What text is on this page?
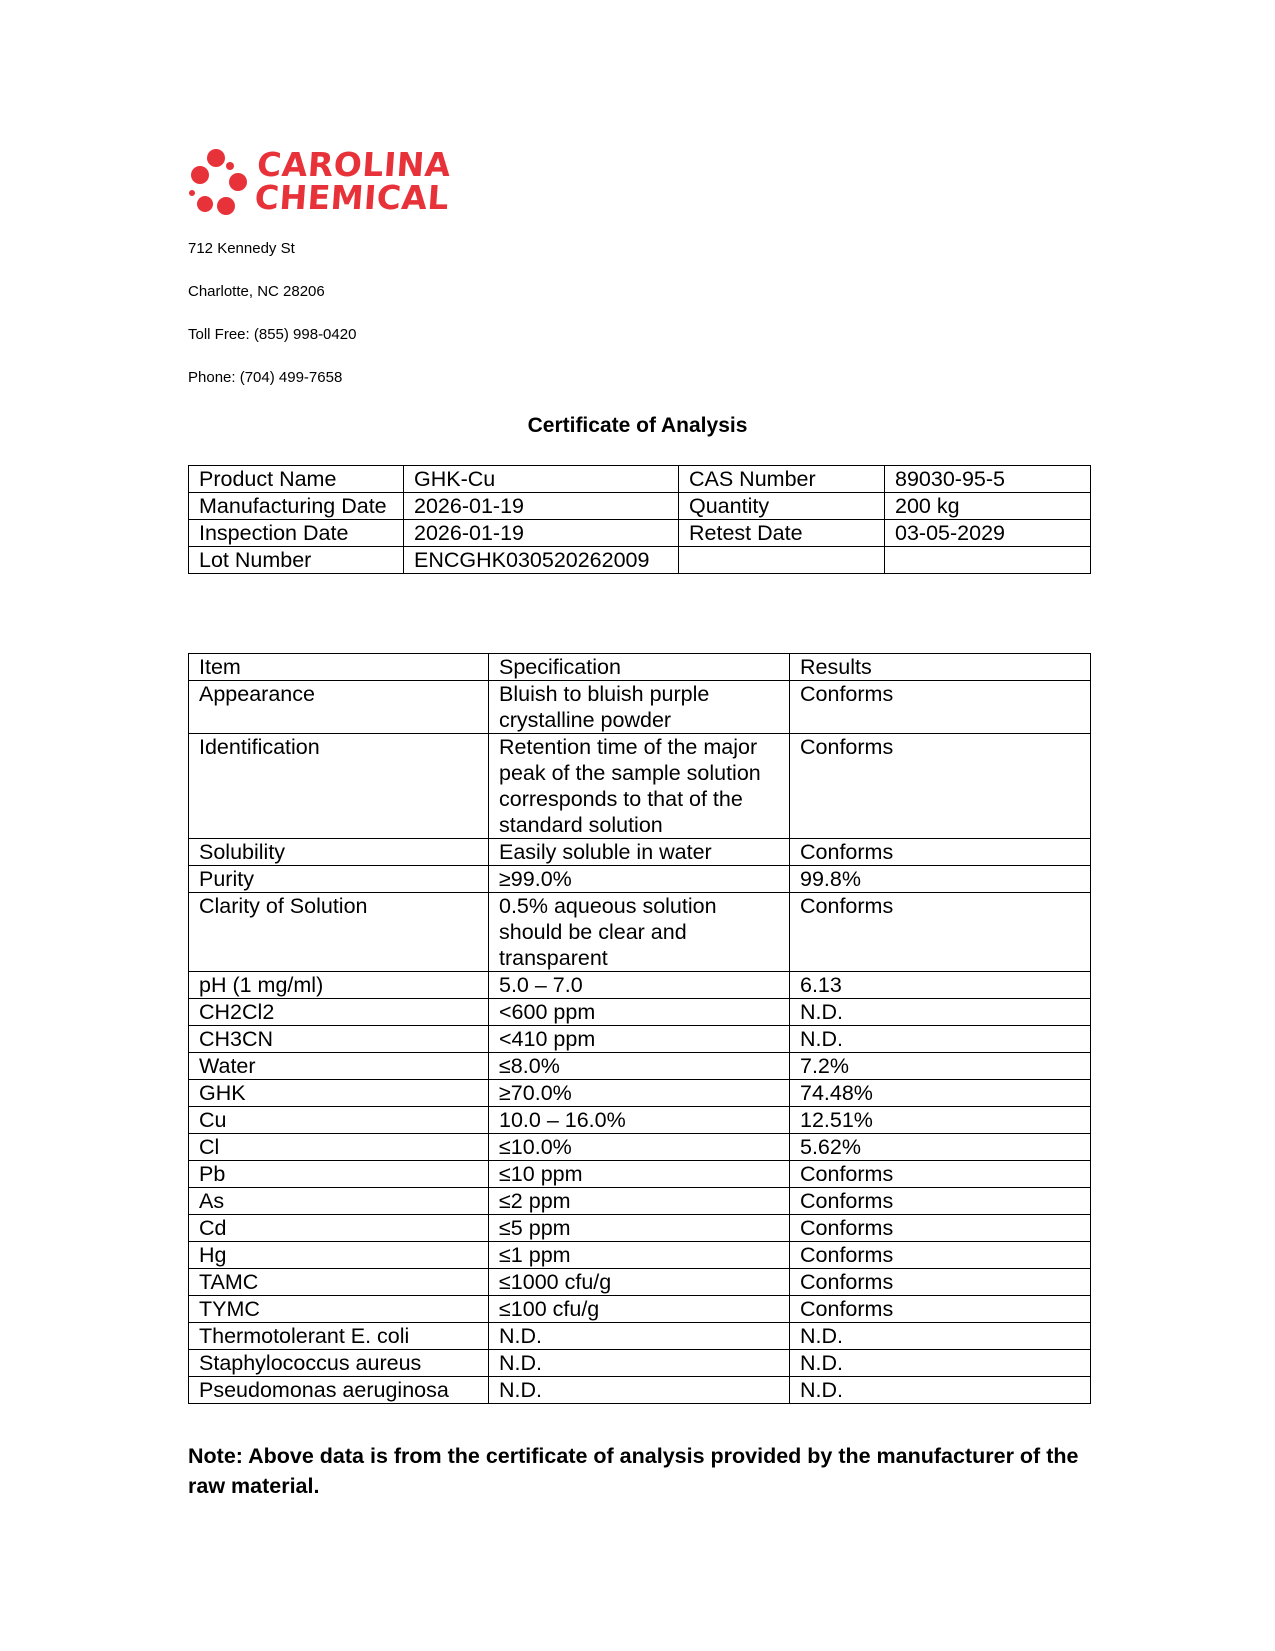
CAROLINA
CHEMICAL
712 Kennedy St
Charlotte, NC 28206
Toll Free: (855) 998-0420
Phone: (704) 499-7658
Certificate of Analysis
Product Name	GHK-Cu	CAS Number	89030-95-5
Manufacturing Date	2026-01-19	Quantity	200 kg
Inspection Date	2026-01-19	Retest Date	03-05-2029
Lot Number	ENCGHK030520262009		
Item	Specification	Results
Appearance	Bluish to bluish purple crystalline powder	Conforms
Identification	Retention time of the major peak of the sample solution corresponds to that of the standard solution	Conforms
Solubility	Easily soluble in water	Conforms
Purity	≥99.0%	99.8%
Clarity of Solution	0.5% aqueous solution should be clear and transparent	Conforms
pH (1 mg/ml)	5.0 – 7.0	6.13
CH2Cl2	<600 ppm	N.D.
CH3CN	<410 ppm	N.D.
Water	≤8.0%	7.2%
GHK	≥70.0%	74.48%
Cu	10.0 – 16.0%	12.51%
Cl	≤10.0%	5.62%
Pb	≤10 ppm	Conforms
As	≤2 ppm	Conforms
Cd	≤5 ppm	Conforms
Hg	≤1 ppm	Conforms
TAMC	≤1000 cfu/g	Conforms
TYMC	≤100 cfu/g	Conforms
Thermotolerant E. coli	N.D.	N.D.
Staphylococcus aureus	N.D.	N.D.
Pseudomonas aeruginosa	N.D.	N.D.
Note: Above data is from the certificate of analysis provided by the manufacturer of the raw material.
